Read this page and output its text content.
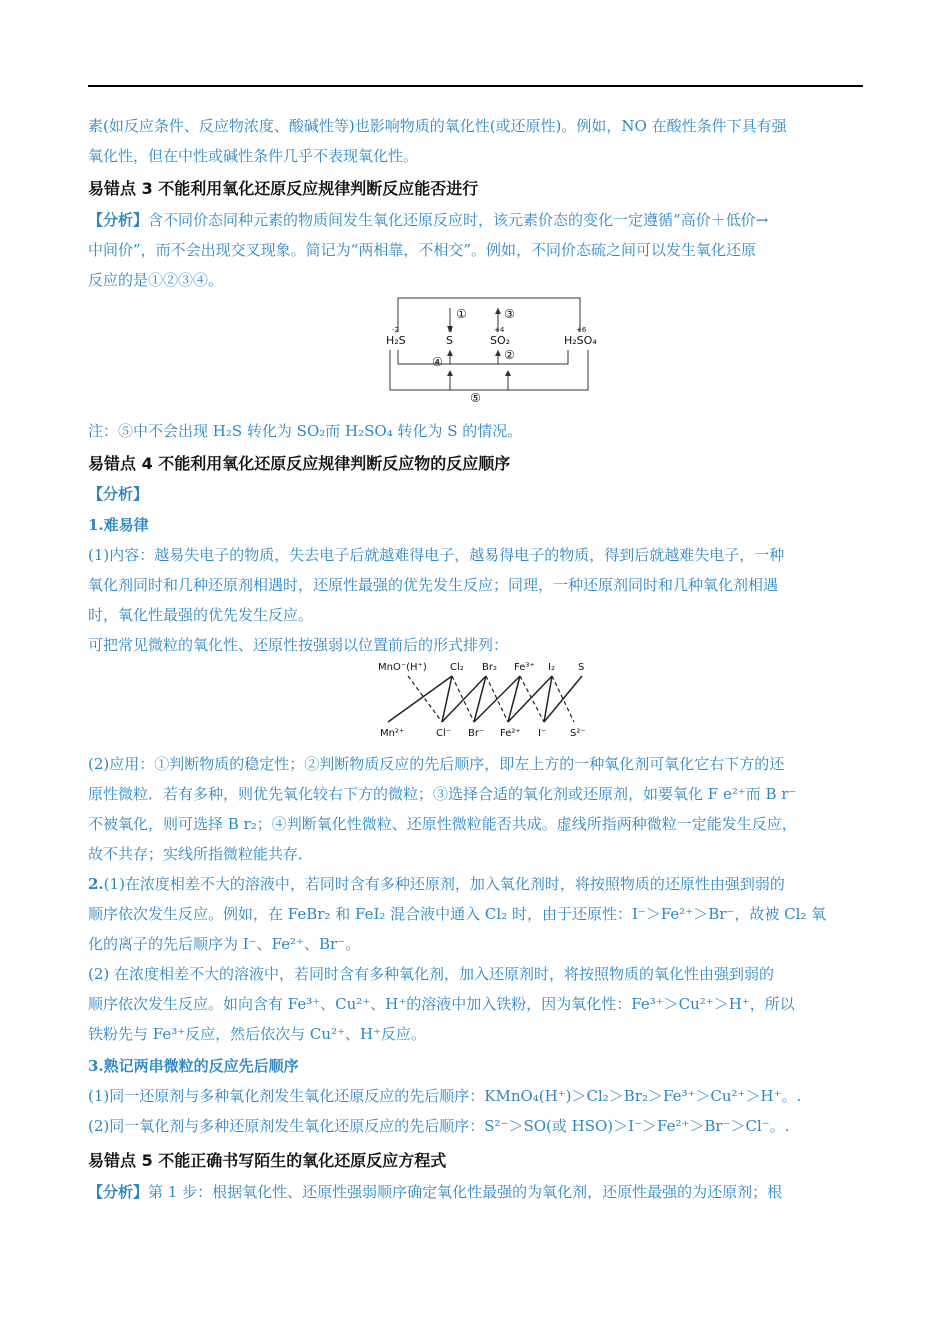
素(如反应条件、反应物浓度、酸碱性等)也影响物质的氧化性(或还原性)。例如，NO 在酸性条件下具有强
氧化性，但在中性或碱性条件几乎不表现氧化性。
易错点 3 不能利用氧化还原反应规律判断反应能否进行
【分析】含不同价态同种元素的物质间发生氧化还原反应时，该元素价态的变化一定遵循“高价＋低价→
中间价”，而不会出现交叉现象。简记为“两相靠，不相交”。例如，不同价态硫之间可以发生氧化还原
反应的是①②③④。
①	③
②
④
⑤
-2	0	+4	+6
H₂S	S	SO₂	H₂SO₄
注：⑤中不会出现 H₂S 转化为 SO₂而 H₂SO₄ 转化为 S 的情况。
易错点 4 不能利用氧化还原反应规律判断反应物的反应顺序
【分析】
1.难易律
(1)内容：越易失电子的物质，失去电子后就越难得电子，越易得电子的物质，得到后就越难失电子，一种
氧化剂同时和几种还原剂相遇时，还原性最强的优先发生反应；同理，一种还原剂同时和几种氧化剂相遇
时，氧化性最强的优先发生反应。
可把常见微粒的氧化性、还原性按强弱以位置前后的形式排列：
MnO⁻(H⁺) Cl₂ Br₂ Fe³⁺ I₂ S
Mn²⁺	Cl⁻ Br⁻ Fe²⁺ I⁻ S²⁻
(2)应用：①判断物质的稳定性；②判断物质反应的先后顺序，即左上方的一种氧化剂可氧化它右下方的还
原性微粒．若有多种，则优先氧化较右下方的微粒；③选择合适的氧化剂或还原剂，如要氧化 F e²⁺而 B r⁻
不被氧化，则可选择 B r₂；④判断氧化性微粒、还原性微粒能否共成。虚线所指两种微粒一定能发生反应，
故不共存；实线所指微粒能共存．
2.(1)在浓度相差不大的溶液中，若同时含有多种还原剂，加入氧化剂时，将按照物质的还原性由强到弱的
顺序依次发生反应。例如，在 FeBr₂ 和 FeI₂ 混合液中通入 Cl₂ 时，由于还原性：I⁻＞Fe²⁺＞Br⁻，故被 Cl₂ 氧
化的离子的先后顺序为 I⁻、Fe²⁺、Br⁻。
(2) 在浓度相差不大的溶液中，若同时含有多种氧化剂，加入还原剂时，将按照物质的氧化性由强到弱的
顺序依次发生反应。如向含有 Fe³⁺、Cu²⁺、H⁺的溶液中加入铁粉，因为氧化性：Fe³⁺＞Cu²⁺＞H⁺，所以
铁粉先与 Fe³⁺反应，然后依次与 Cu²⁺、H⁺反应。
3.熟记两串微粒的反应先后顺序
(1)同一还原剂与多种氧化剂发生氧化还原反应的先后顺序：KMnO₄(H⁺)＞Cl₂＞Br₂＞Fe³⁺＞Cu²⁺＞H⁺。.
(2)同一氧化剂与多种还原剂发生氧化还原反应的先后顺序：S²⁻＞SO(或 HSO)＞I⁻＞Fe²⁺＞Br⁻＞Cl⁻。.
易错点 5 不能正确书写陌生的氧化还原反应方程式
【分析】第 1 步：根据氧化性、还原性强弱顺序确定氧化性最强的为氧化剂，还原性最强的为还原剂；根
